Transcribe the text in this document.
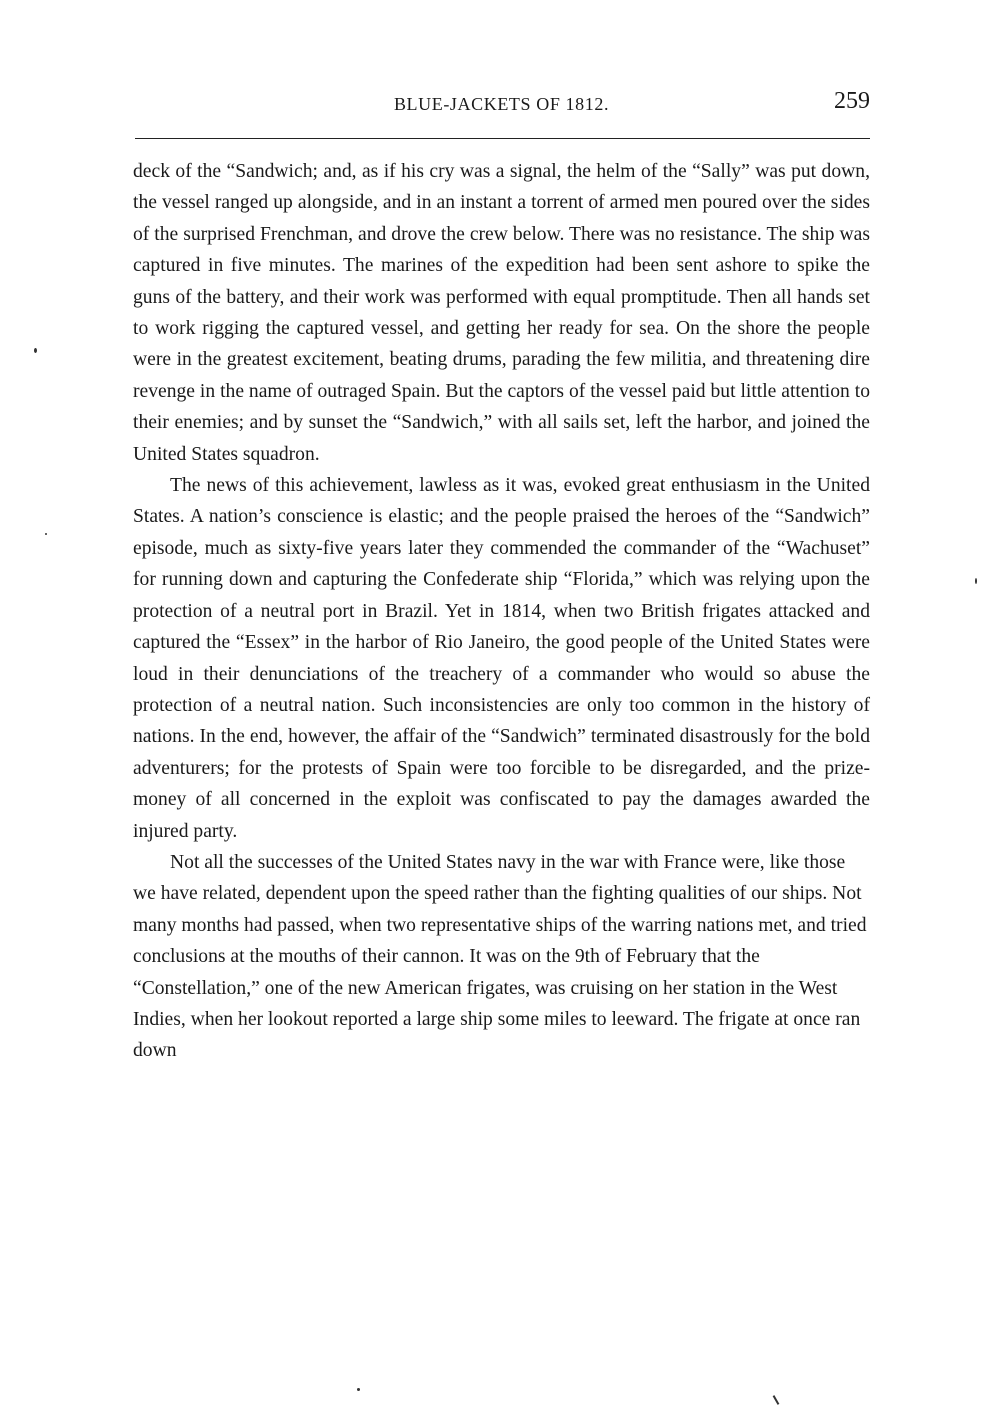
BLUE-JACKETS OF 1812.	259

deck of the “Sandwich; and, as if his cry was a signal, the helm of the “Sally” was put down, the vessel ranged up alongside, and in an instant a torrent of armed men poured over the sides of the surprised Frenchman, and drove the crew below. There was no resistance. The ship was captured in five minutes. The marines of the expedition had been sent ashore to spike the guns of the battery, and their work was performed with equal promptitude. Then all hands set to work rigging the captured vessel, and getting her ready for sea. On the shore the people were in the greatest excitement, beating drums, parading the few militia, and threatening dire revenge in the name of outraged Spain. But the captors of the vessel paid but little attention to their enemies; and by sunset the “Sandwich,” with all sails set, left the harbor, and joined the United States squadron.

The news of this achievement, lawless as it was, evoked great enthusiasm in the United States. A nation’s conscience is elastic; and the people praised the heroes of the “Sandwich” episode, much as sixty-five years later they commended the commander of the “Wachuset” for running down and capturing the Confederate ship “Florida,” which was relying upon the protection of a neutral port in Brazil. Yet in 1814, when two British frigates attacked and captured the “Essex” in the harbor of Rio Janeiro, the good people of the United States were loud in their denunciations of the treachery of a commander who would so abuse the protection of a neutral nation. Such inconsistencies are only too common in the history of nations. In the end, however, the affair of the “Sandwich” terminated disastrously for the bold adventurers; for the protests of Spain were too forcible to be disregarded, and the prize-money of all concerned in the exploit was confiscated to pay the damages awarded the injured party.

Not all the successes of the United States navy in the war with France were, like those we have related, dependent upon the speed rather than the fighting qualities of our ships. Not many months had passed, when two representative ships of the warring nations met, and tried conclusions at the mouths of their cannon. It was on the 9th of February that the “Constellation,” one of the new American frigates, was cruising on her station in the West Indies, when her lookout reported a large ship some miles to leeward. The frigate at once ran down
